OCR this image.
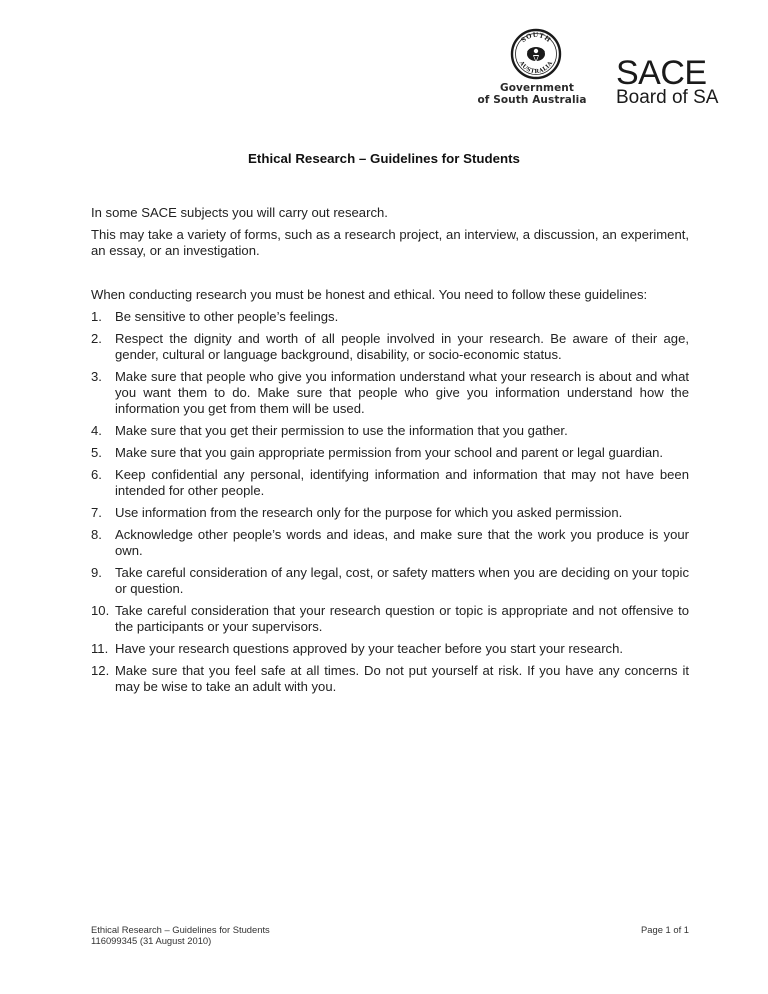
SOUTH
AUSTRALIA
Government
of South Australia
SACE
Board of SA
Ethical Research – Guidelines for Students

In some SACE subjects you will carry out research.

This may take a variety of forms, such as a research project, an interview, a discussion, an experiment, an essay, or an investigation.

When conducting research you must be honest and ethical. You need to follow these guidelines:

1. Be sensitive to other people’s feelings.
2. Respect the dignity and worth of all people involved in your research. Be aware of their age, gender, cultural or language background, disability, or socio-economic status.
3. Make sure that people who give you information understand what your research is about and what you want them to do. Make sure that people who give you information understand how the information you get from them will be used.
4. Make sure that you get their permission to use the information that you gather.
5. Make sure that you gain appropriate permission from your school and parent or legal guardian.
6. Keep confidential any personal, identifying information and information that may not have been intended for other people.
7. Use information from the research only for the purpose for which you asked permission.
8. Acknowledge other people’s words and ideas, and make sure that the work you produce is your own.
9. Take careful consideration of any legal, cost, or safety matters when you are deciding on your topic or question.
10. Take careful consideration that your research question or topic is appropriate and not offensive to the participants or your supervisors.
11. Have your research questions approved by your teacher before you start your research.
12. Make sure that you feel safe at all times. Do not put yourself at risk. If you have any concerns it may be wise to take an adult with you.
Ethical Research – Guidelines for Students
116099345 (31 August 2010)
Page 1 of 1
